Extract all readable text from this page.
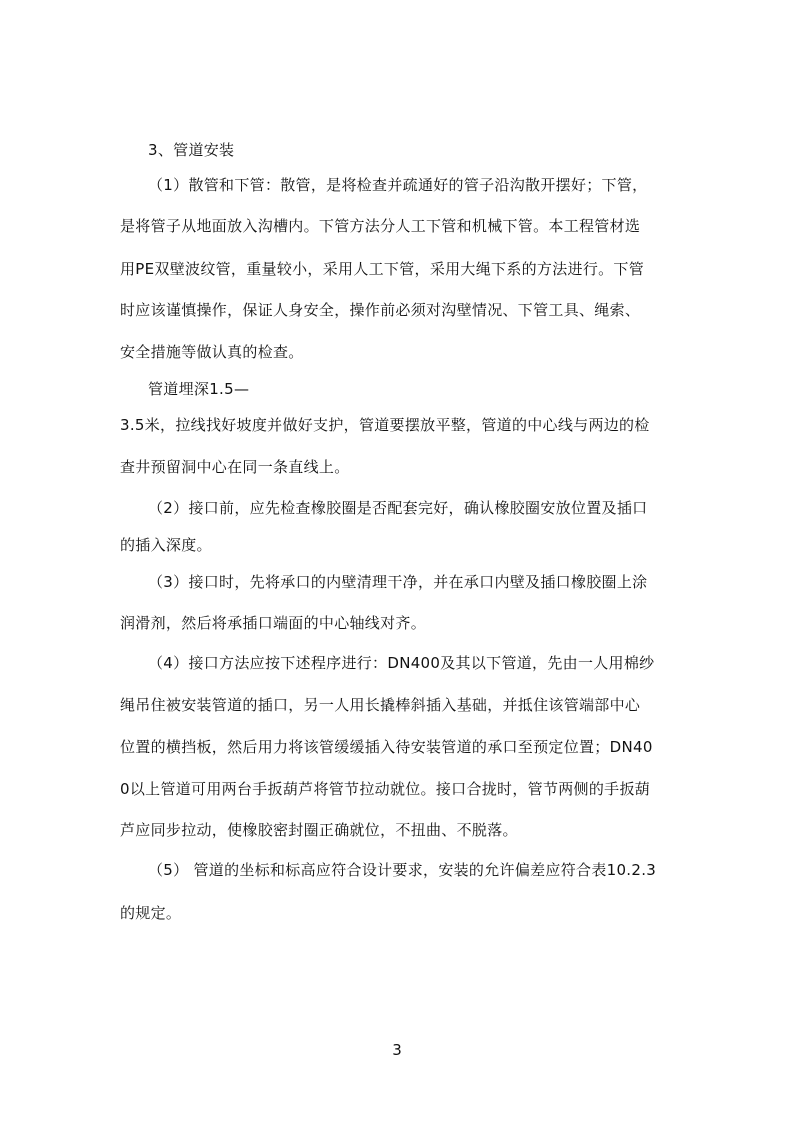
3、管道安装
（1）散管和下管：散管，是将检查并疏通好的管子沿沟散开摆好；下管，
是将管子从地面放入沟槽内。下管方法分人工下管和机械下管。本工程管材选
用PE双壁波纹管，重量较小，采用人工下管，采用大绳下系的方法进行。下管
时应该谨慎操作，保证人身安全，操作前必须对沟壁情况、下管工具、绳索、
安全措施等做认真的检查。
管道埋深1.5—
3.5米，拉线找好坡度并做好支护，管道要摆放平整，管道的中心线与两边的检
查井预留洞中心在同一条直线上。
（2）接口前，应先检查橡胶圈是否配套完好，确认橡胶圈安放位置及插口
的插入深度。
（3）接口时，先将承口的内壁清理干净，并在承口内壁及插口橡胶圈上涂
润滑剂，然后将承插口端面的中心轴线对齐。
（4）接口方法应按下述程序进行：DN400及其以下管道，先由一人用棉纱
绳吊住被安装管道的插口，另一人用长撬棒斜插入基础，并抵住该管端部中心
位置的横挡板，然后用力将该管缓缓插入待安装管道的承口至预定位置；DN40
0以上管道可用两台手扳葫芦将管节拉动就位。接口合拢时，管节两侧的手扳葫
芦应同步拉动，使橡胶密封圈正确就位，不扭曲、不脱落。
（5） 管道的坐标和标高应符合设计要求，安装的允许偏差应符合表10.2.3
的规定。
3
